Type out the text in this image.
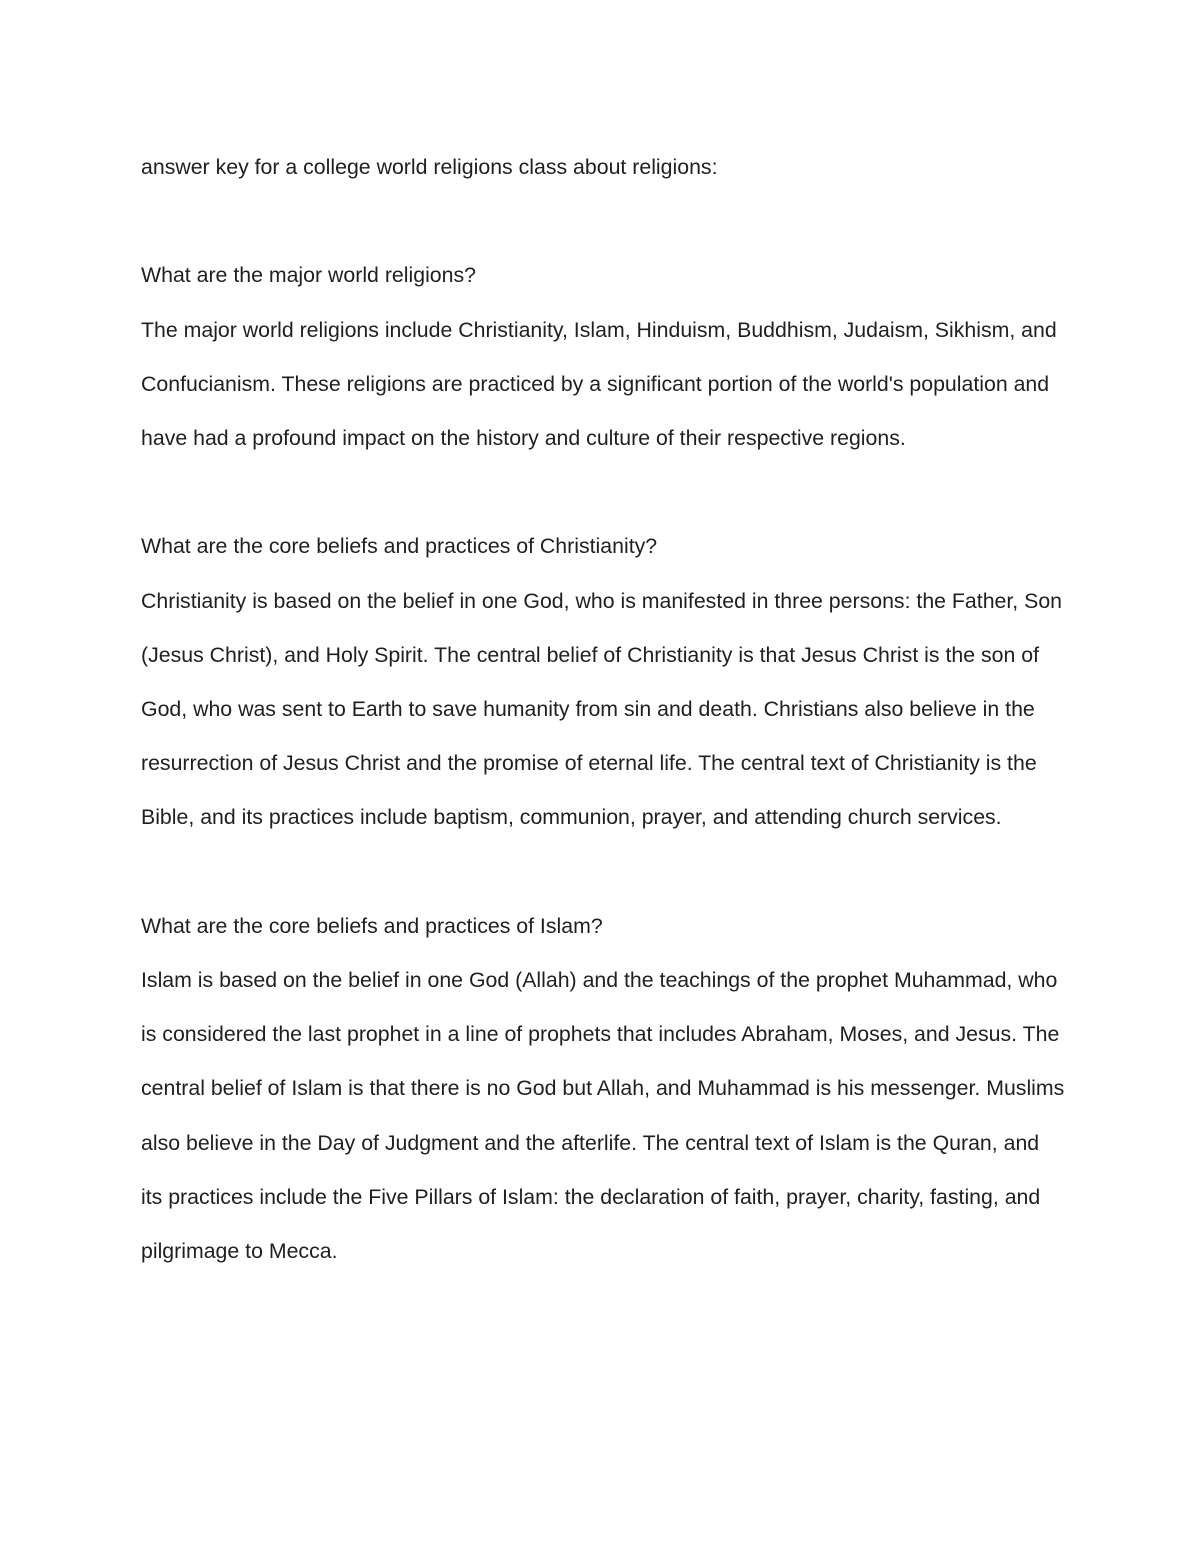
answer key for a college world religions class about religions:

What are the major world religions?

The major world religions include Christianity, Islam, Hinduism, Buddhism, Judaism, Sikhism, and Confucianism. These religions are practiced by a significant portion of the world's population and have had a profound impact on the history and culture of their respective regions.

What are the core beliefs and practices of Christianity?

Christianity is based on the belief in one God, who is manifested in three persons: the Father, Son (Jesus Christ), and Holy Spirit. The central belief of Christianity is that Jesus Christ is the son of God, who was sent to Earth to save humanity from sin and death. Christians also believe in the resurrection of Jesus Christ and the promise of eternal life. The central text of Christianity is the Bible, and its practices include baptism, communion, prayer, and attending church services.

What are the core beliefs and practices of Islam?

Islam is based on the belief in one God (Allah) and the teachings of the prophet Muhammad, who is considered the last prophet in a line of prophets that includes Abraham, Moses, and Jesus. The central belief of Islam is that there is no God but Allah, and Muhammad is his messenger. Muslims also believe in the Day of Judgment and the afterlife. The central text of Islam is the Quran, and its practices include the Five Pillars of Islam: the declaration of faith, prayer, charity, fasting, and pilgrimage to Mecca.
